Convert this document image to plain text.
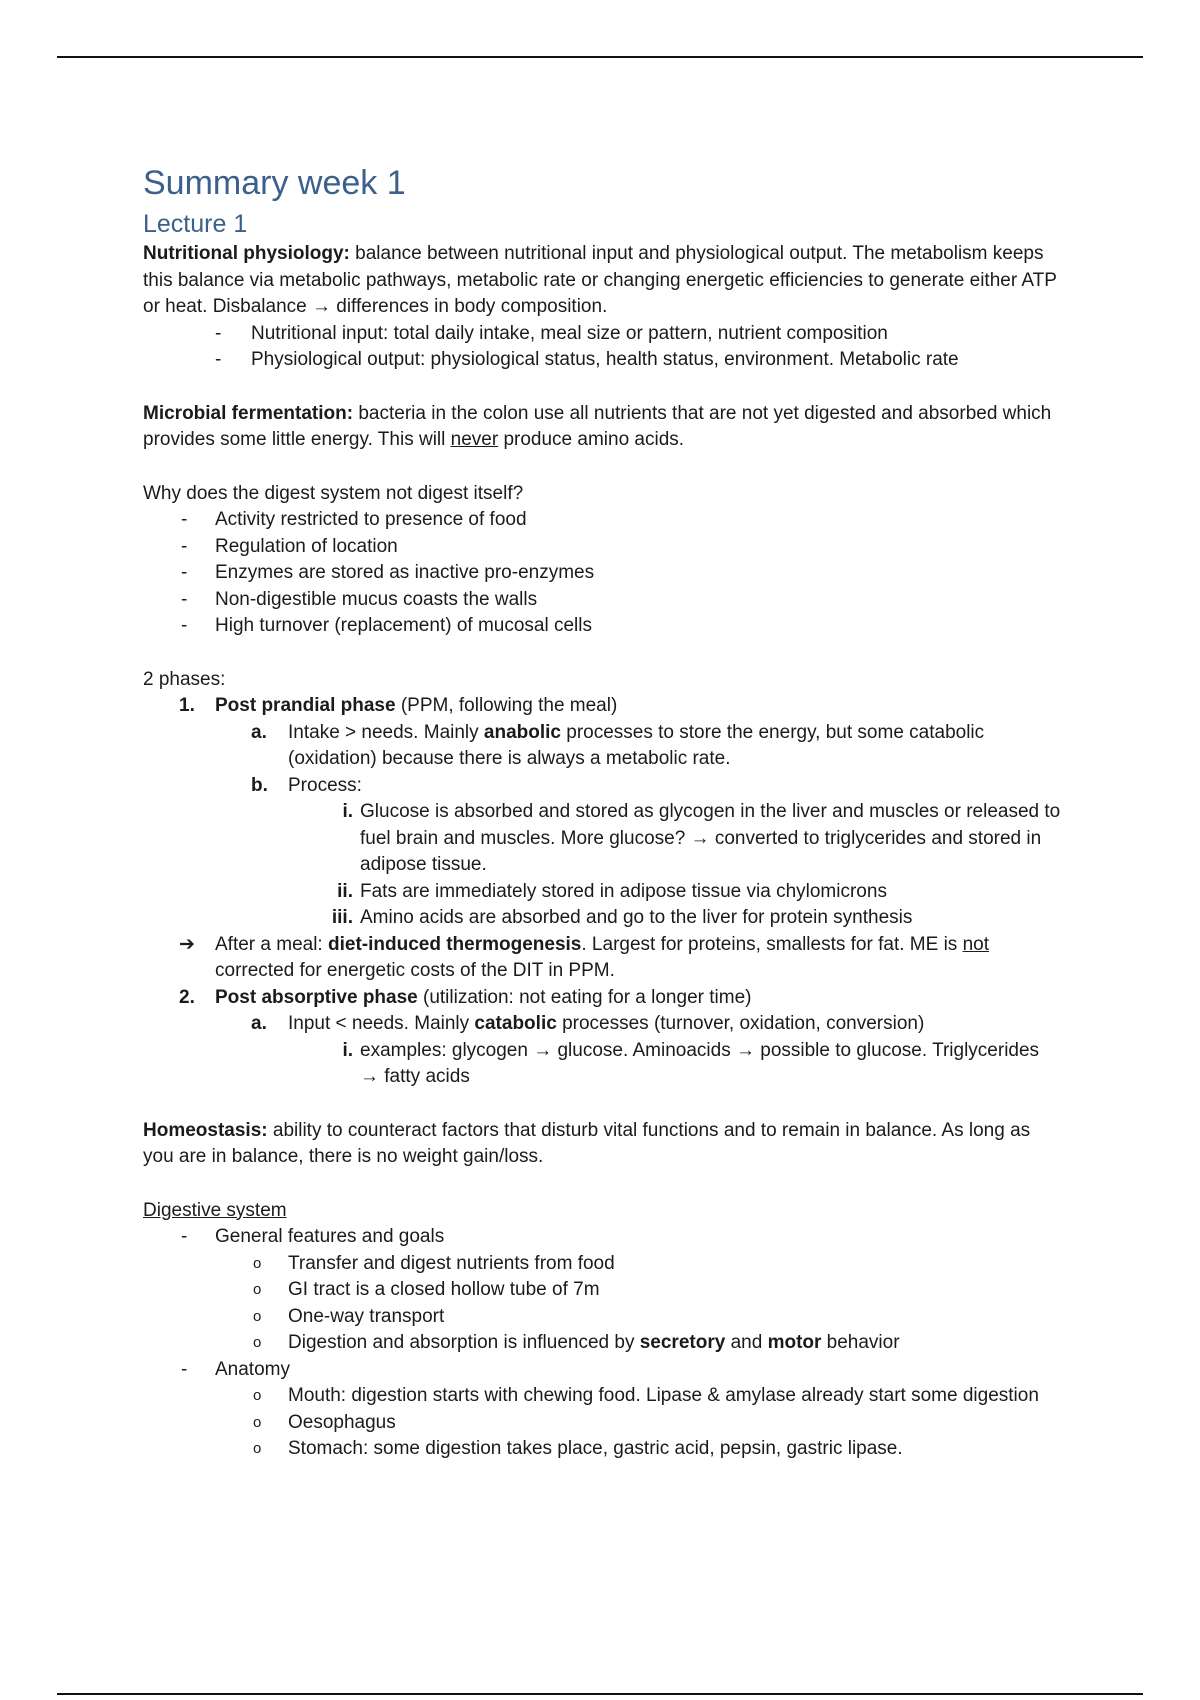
Summary week 1
Lecture 1

Nutritional physiology: balance between nutritional input and physiological output. The metabolism keeps this balance via metabolic pathways, metabolic rate or changing energetic efficiencies to generate either ATP or heat. Disbalance → differences in body composition.

- Nutritional input: total daily intake, meal size or pattern, nutrient composition
- Physiological output: physiological status, health status, environment. Metabolic rate

Microbial fermentation: bacteria in the colon use all nutrients that are not yet digested and absorbed which provides some little energy. This will never produce amino acids.

Why does the digest system not digest itself?

- Activity restricted to presence of food
- Regulation of location
- Enzymes are stored as inactive pro-enzymes
- Non-digestible mucus coasts the walls
- High turnover (replacement) of mucosal cells

2 phases:

1. Post prandial phase (PPM, following the meal)
a. Intake > needs. Mainly anabolic processes to store the energy, but some catabolic (oxidation) because there is always a metabolic rate.
b. Process:
i. Glucose is absorbed and stored as glycogen in the liver and muscles or released to fuel brain and muscles. More glucose? → converted to triglycerides and stored in adipose tissue.
ii. Fats are immediately stored in adipose tissue via chylomicrons
iii. Amino acids are absorbed and go to the liver for protein synthesis
➔ After a meal: diet-induced thermogenesis. Largest for proteins, smallests for fat. ME is not corrected for energetic costs of the DIT in PPM.
2. Post absorptive phase (utilization: not eating for a longer time)
a. Input < needs. Mainly catabolic processes (turnover, oxidation, conversion)
i. examples: glycogen → glucose. Aminoacids → possible to glucose. Triglycerides → fatty acids

Homeostasis: ability to counteract factors that disturb vital functions and to remain in balance. As long as you are in balance, there is no weight gain/loss.

Digestive system

- General features and goals
o Transfer and digest nutrients from food
o GI tract is a closed hollow tube of 7m
o One-way transport
o Digestion and absorption is influenced by secretory and motor behavior
- Anatomy
o Mouth: digestion starts with chewing food. Lipase & amylase already start some digestion
o Oesophagus
o Stomach: some digestion takes place, gastric acid, pepsin, gastric lipase.
